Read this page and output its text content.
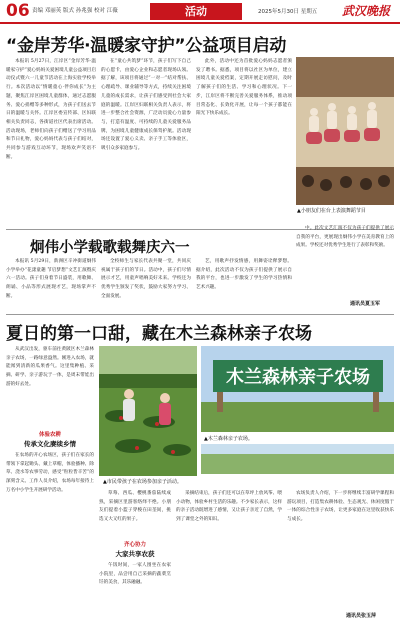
06 责编 邓丽英 版式 孙兆强 校对 江薇	活动	2025年5月30日 星期五 武汉晚报
“金岸芳华·温暖家守护”公益项目启动
本报讯 5月27日，江岸区“金岸芳华·温暖家守护”爱心妈妈关爱困境儿童公益项目启动仪式暨六一儿童节活动在上海实验学校举行。本次活动以“情暖童心·伴你成长”为主题，聚焦江岸区困境儿童群体，通过志愿服务、爱心捐赠等多种形式，为孩子们送去节日的温暖与关怀。江岸区委宣传部、区妇联相关负责同志，各街道社区代表出席活动。活动现场，老师们向孩子们赠送了学习用品和节日礼物，爱心妈妈代表与孩子们结对，共同参与游戏互动环节，现场欢声笑语不断。
在“童心共筑梦”环节，孩子们写下自己的心愿卡，由爱心企业和志愿者现场认领。据了解，该项目将通过“一对一”结对帮扶、心理疏导、课业辅导等方式，持续关注困境儿童的成长需求，让孩子们感受到社会大家庭的温暖。江岸区妇联相关负责人表示，将进一步整合社会资源，广泛动员爱心力量参与，打造有温度、可持续的儿童关爱服务品牌，为困境儿童健康成长保驾护航。活动现场还设置了爱心义卖、亲子手工等体验区，吸引众多家庭参与。
此外，活动中还为首批爱心妈妈志愿者颁发了聘书。据悉，项目将以社区为单位，建立困境儿童关爱档案，定期开展走访慰问，及时了解孩子们的生活、学习和心理状况。下一步，江岸区将不断完善关爱服务体系，推动项目常态化、长效化开展，让每一个孩子都能在阳光下快乐成长。
▲小朋友们在台上表演舞蹈节目
炯伟小学载歌载舞庆六一
本报讯 5月29日，新洲区辛冲街道炯伟小学举办“花漾童趣 节启梦想”文艺汇演暨庆六一活动。孩子们身着节日盛装，用歌舞、朗诵、小品等形式展现才艺，现场掌声不断。
全校师生与家长代表共聚一堂，共同庆祝属于孩子们的节日。活动中，孩子们尽情展示才艺，用童声唱响美好未来。学校还为优秀学生颁发了奖状，鼓励大家努力学习、全面发展。
艺，用歌声抒发情感，用舞姿诠释梦想。据介绍，此次活动不仅为孩子们提供了展示自我的平台，也进一步激发了学生的学习热情和艺术兴趣。
中。此次文艺汇演不仅为孩子们提供了展示自我的平台，更展现出炯伟小学在美育教育上的成果。学校还对优秀学生进行了表彰和奖励。
通讯员夏玉军
夏日的第一口甜，藏在木兰森林亲子农场
从武汉出发，驱车前往黄陂区木兰森林亲子农场，一路绿意盎然。刚进入农场，就能闻到清新的瓜果香气。这里集种植、采摘、研学、亲子游玩于一体，是周末带娃出游的好去处。
体验农耕
传承文化赓续乡情
在农场的开心农场区，孩子们在家长的带领下拿起锄头、戴上草帽，体验播种、除草、浇水等农事劳动，感受“粒粒皆辛苦”的深刻含义。工作人员介绍，农场每年接待上万名中小学生开展研学活动。
木兰森林亲子农场
▲木兰森林亲子农场。
▲市民带孩子在农场参加亲子活动。
草莓、西瓜、樱桃番茄陆续成熟，采摘区里游客络绎不绝。小朋友们提着小篮子穿梭在田垄间，挑选又大又红的果子。
齐心协力
大家共享农获
午饭时间，一家人围坐在农家小院里，品尝用自己采摘的蔬菜烹饪的美食，其乐融融。
采摘结束后，孩子们还可以在草坪上放风筝、喂小动物，体验乡村生活的乐趣。不少家长表示，这样的亲子活动既增进了感情，又让孩子亲近了自然，学到了课堂之外的知识。
农场负责人介绍，下一步将继续丰富研学课程和游玩项目，打造集农耕体验、生态观光、休闲度假于一体的综合性亲子农场，让更多家庭在这里收获快乐与成长。
通讯员张玉萍
